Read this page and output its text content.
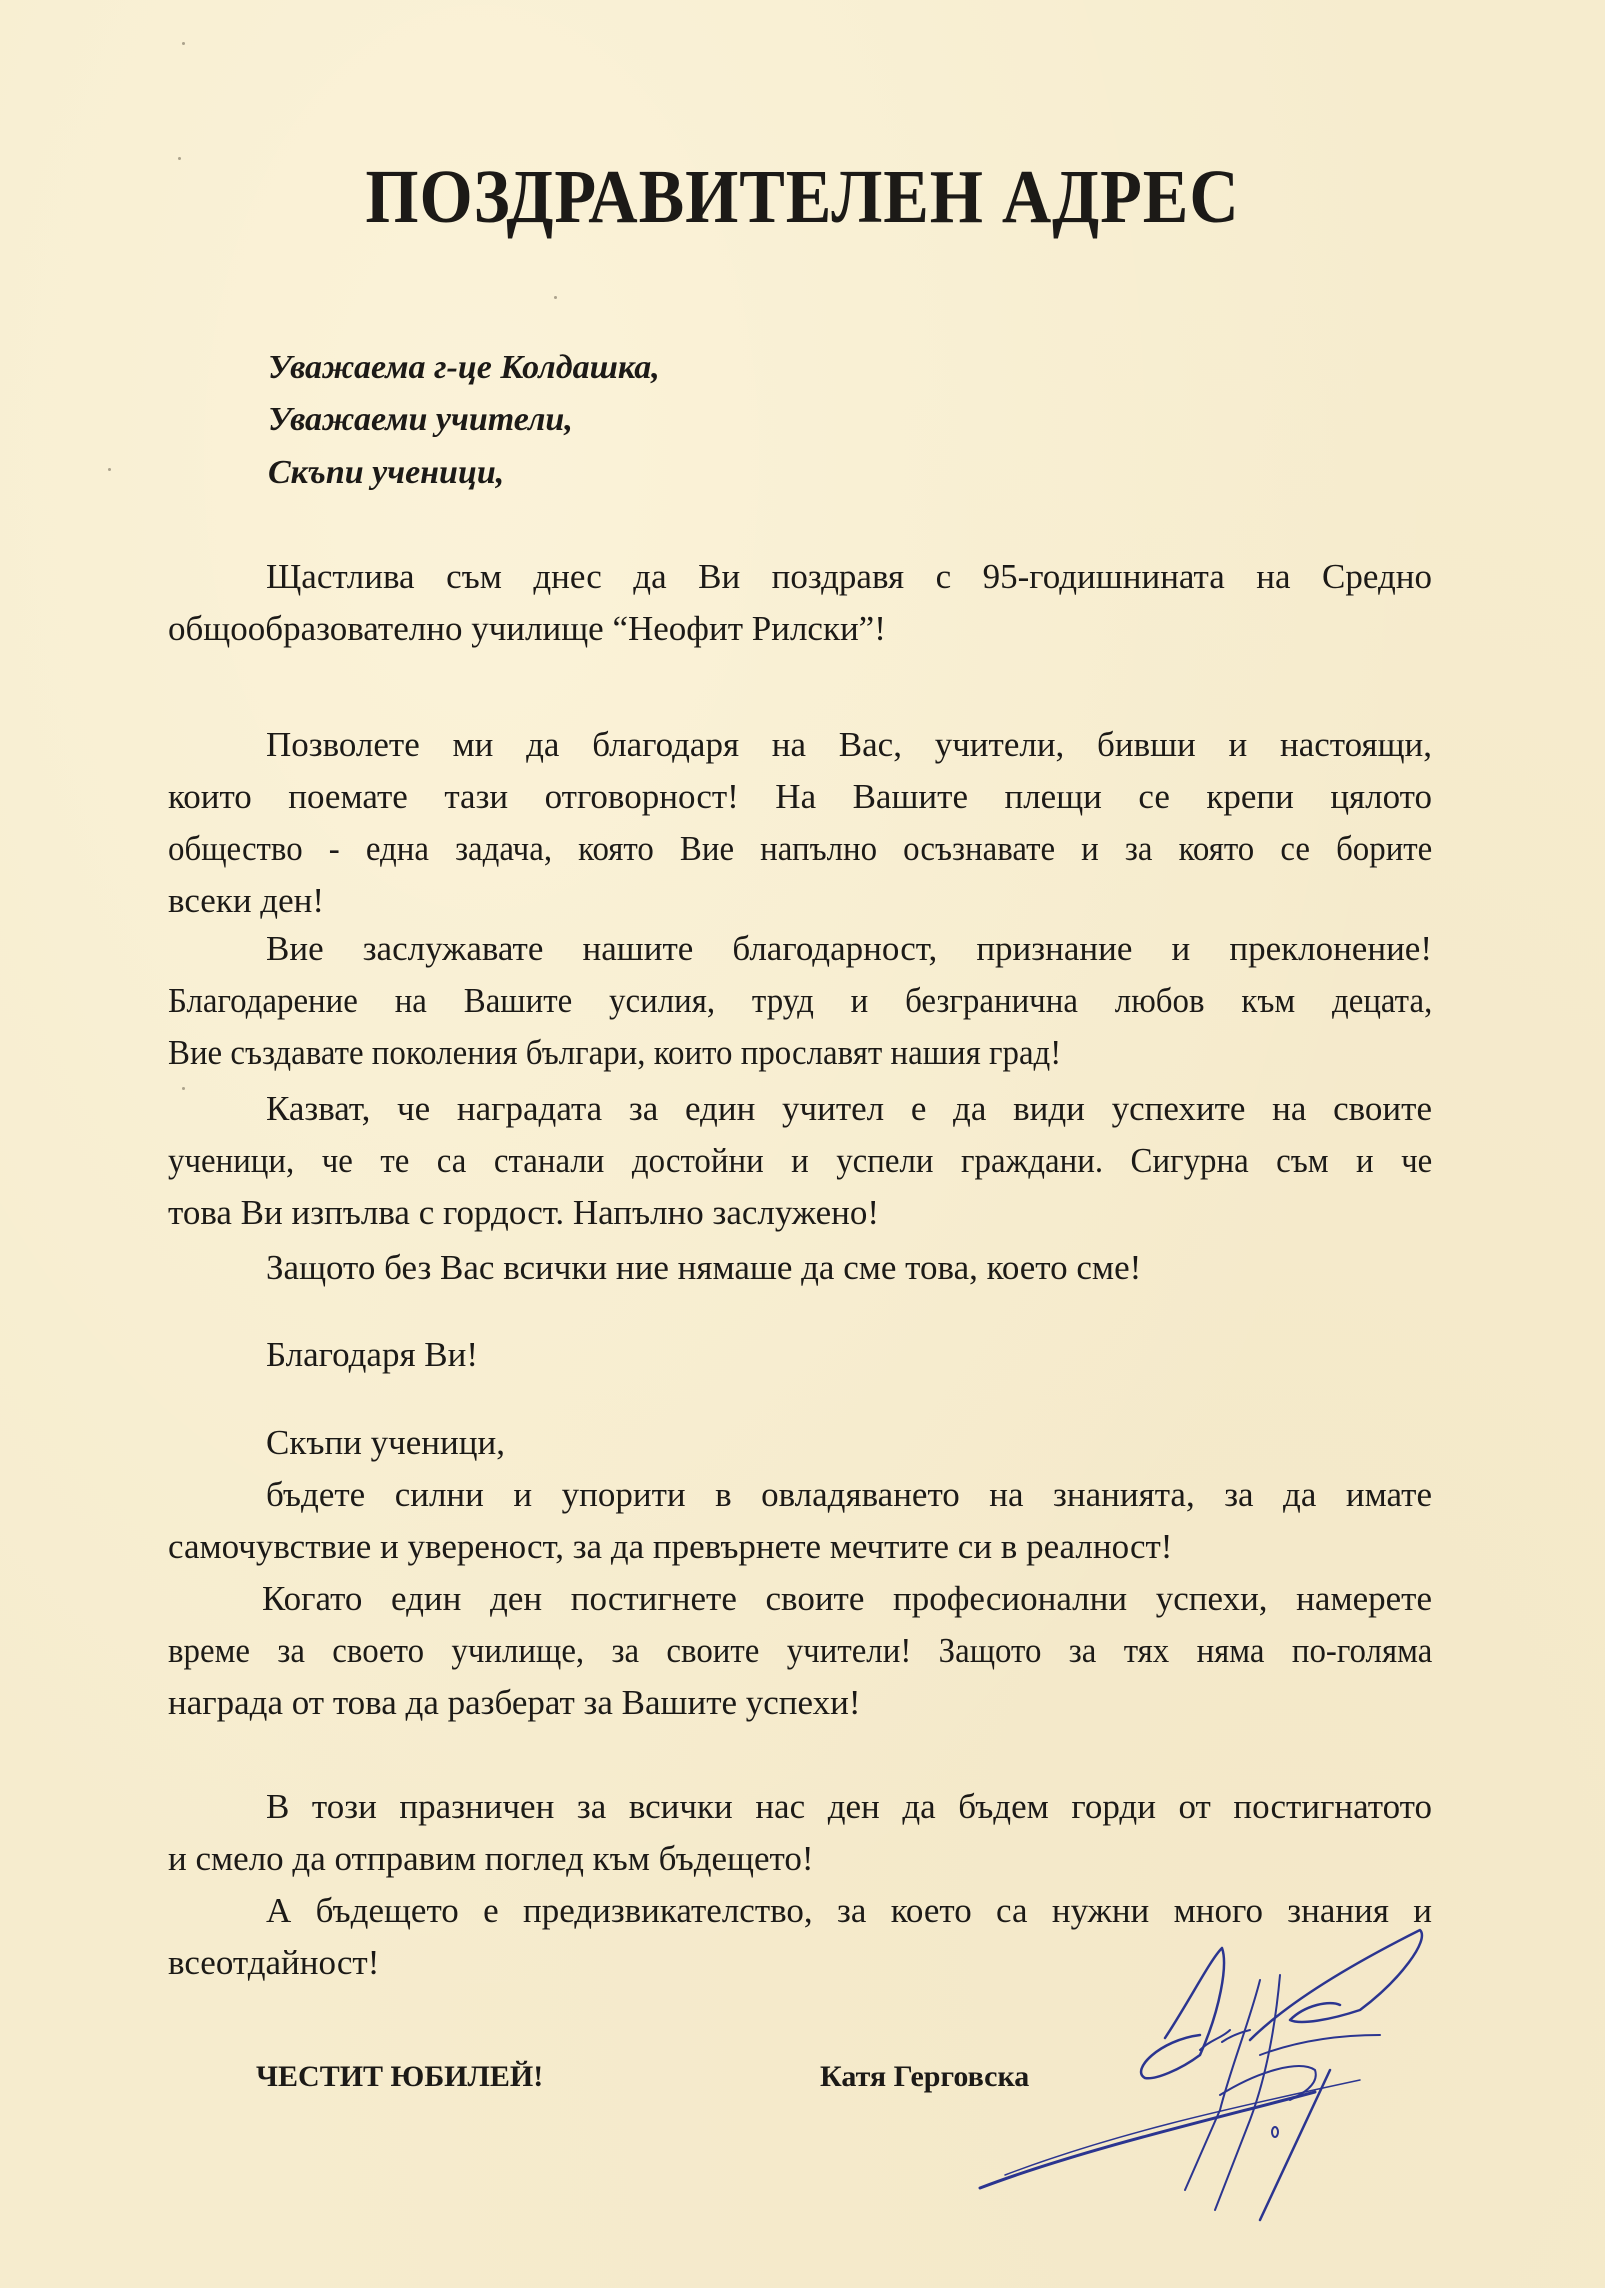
ПОЗДРАВИТЕЛЕН АДРЕС
Уважаема г-це Колдашка,
Уважаеми учители,
Скъпи ученици,
Щастлива съм днес да Ви поздравя с 95-годишнината на Средно
общообразователно училище “Неофит Рилски”!
Позволете ми да благодаря на Вас, учители, бивши и настоящи,
които поемате тази отговорност! На Вашите плещи се крепи цялото
общество - една задача, която Вие напълно осъзнавате и за която се борите
всеки ден!
Вие заслужавате нашите благодарност, признание и преклонение!
Благодарение на Вашите усилия, труд и безгранична любов към децата,
Вие създавате поколения българи, които прославят нашия град!
Казват, че наградата за един учител е да види успехите на своите
ученици, че те са станали достойни и успели граждани. Сигурна съм и че
това Ви изпълва с гордост. Напълно заслужено!
Защото без Вас всички ние нямаше да сме това, което сме!
Благодаря Ви!
Скъпи ученици,
бъдете силни и упорити в овладяването на знанията, за да имате
самочувствие и увереност, за да превърнете мечтите си в реалност!
Когато един ден постигнете своите професионални успехи, намерете
време за своето училище, за своите учители! Защото за тях няма по-голяма
награда от това да разберат за Вашите успехи!
В този празничен за всички нас ден да бъдем горди от постигнатото
и смело да отправим поглед към бъдещето!
А бъдещето е предизвикателство, за което са нужни много знания и
всеотдайност!
ЧЕСТИТ ЮБИЛЕЙ!	Катя Герговска
